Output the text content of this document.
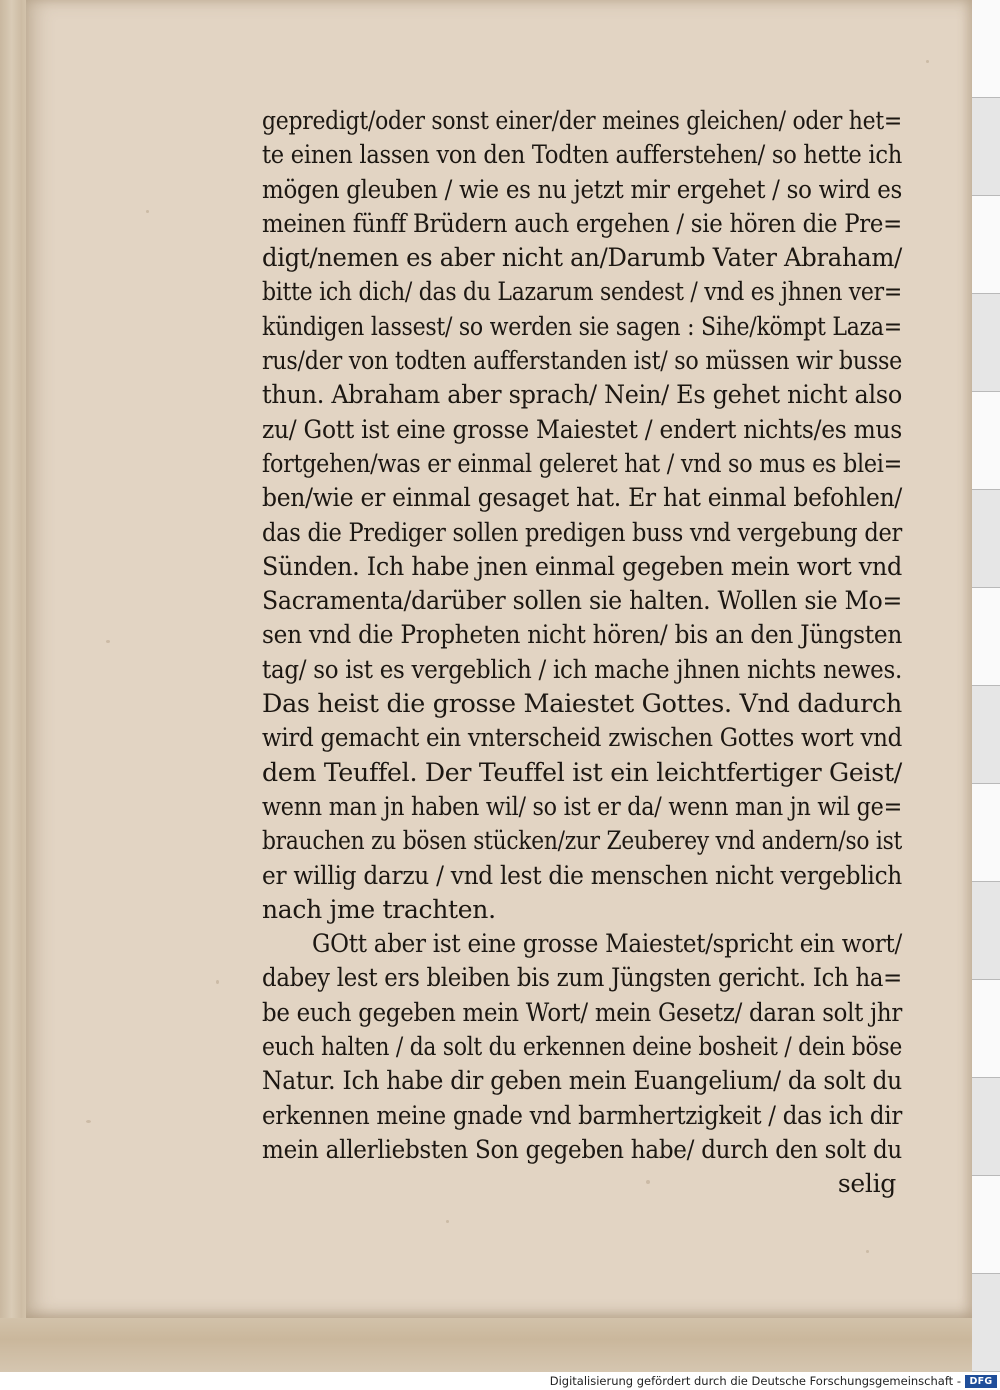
gepredigt/oder sonst einer/der meines gleichen/ oder het=
te einen lassen von den Todten aufferstehen/ so hette ich
mögen gleuben / wie es nu jetzt mir ergehet / so wird es
meinen fünff Brüdern auch ergehen / sie hören die Pre=
digt/nemen es aber nicht an/Darumb Vater Abraham/
bitte ich dich/ das du Lazarum sendest / vnd es jhnen ver=
kündigen lassest/ so werden sie sagen : Sihe/kömpt Laza=
rus/der von todten aufferstanden ist/ so müssen wir busse
thun. Abraham aber sprach/ Nein/ Es gehet nicht also
zu/ Gott ist eine grosse Maiestet / endert nichts/es mus
fortgehen/was er einmal geleret hat / vnd so mus es blei=
ben/wie er einmal gesaget hat. Er hat einmal befohlen/
das die Prediger sollen predigen buss vnd vergebung der
Sünden. Ich habe jnen einmal gegeben mein wort vnd
Sacramenta/darüber sollen sie halten. Wollen sie Mo=
sen vnd die Propheten nicht hören/ bis an den Jüngsten
tag/ so ist es vergeblich / ich mache jhnen nichts newes.
Das heist die grosse Maiestet Gottes. Vnd dadurch
wird gemacht ein vnterscheid zwischen Gottes wort vnd
dem Teuffel. Der Teuffel ist ein leichtfertiger Geist/
wenn man jn haben wil/ so ist er da/ wenn man jn wil ge=
brauchen zu bösen stücken/zur Zeuberey vnd andern/so ist
er willig darzu / vnd lest die menschen nicht vergeblich
nach jme trachten.
GOtt aber ist eine grosse Maiestet/spricht ein wort/
dabey lest ers bleiben bis zum Jüngsten gericht. Ich ha=
be euch gegeben mein Wort/ mein Gesetz/ daran solt jhr
euch halten / da solt du erkennen deine bosheit / dein böse
Natur. Ich habe dir geben mein Euangelium/ da solt du
erkennen meine gnade vnd barmhertzigkeit / das ich dir
mein allerliebsten Son gegeben habe/ durch den solt du
selig
Digitalisierung gefördert durch die Deutsche Forschungsgemeinschaft - DFG
